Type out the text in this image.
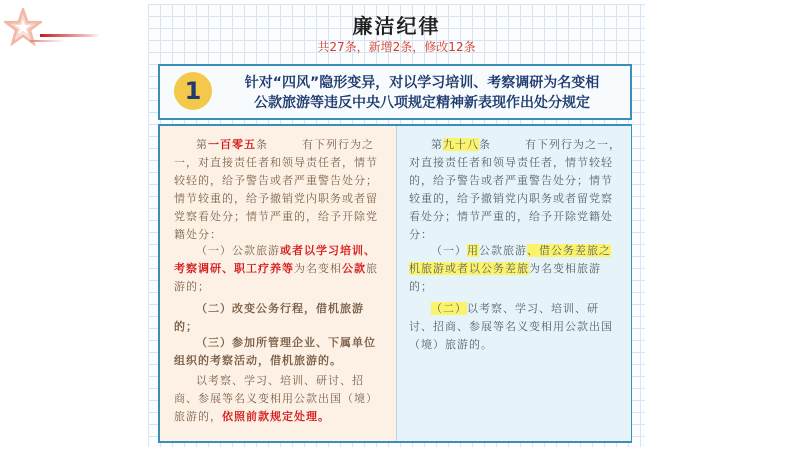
廉洁纪律
共27条，新增2条，修改12条
1	针对“四风”隐形变异，对以学习培训、考察调研为名变相
公款旅游等违反中央八项规定精神新表现作出处分规定
第一百零五条	有下列行为之一，对直接责任者和领导责任者，情节较轻的，给予警告或者严重警告处分；情节较重的，给予撤销党内职务或者留党察看处分；情节严重的，给予开除党籍处分：
（一）公款旅游或者以学习培训、考察调研、职工疗养等为名变相公款旅游的；
（二）改变公务行程，借机旅游的；
（三）参加所管理企业、下属单位组织的考察活动，借机旅游的。
以考察、学习、培训、研讨、招商、参展等名义变相用公款出国（境）旅游的，依照前款规定处理。
第九十八条	有下列行为之一，对直接责任者和领导责任者，情节较轻的，给予警告或者严重警告处分；情节较重的，给予撤销党内职务或者留党察看处分；情节严重的，给予开除党籍处分：
（一）用公款旅游、借公务差旅之机旅游或者以公务差旅为名变相旅游的；
（二）以考察、学习、培训、研讨、招商、参展等名义变相用公款出国（境）旅游的。
